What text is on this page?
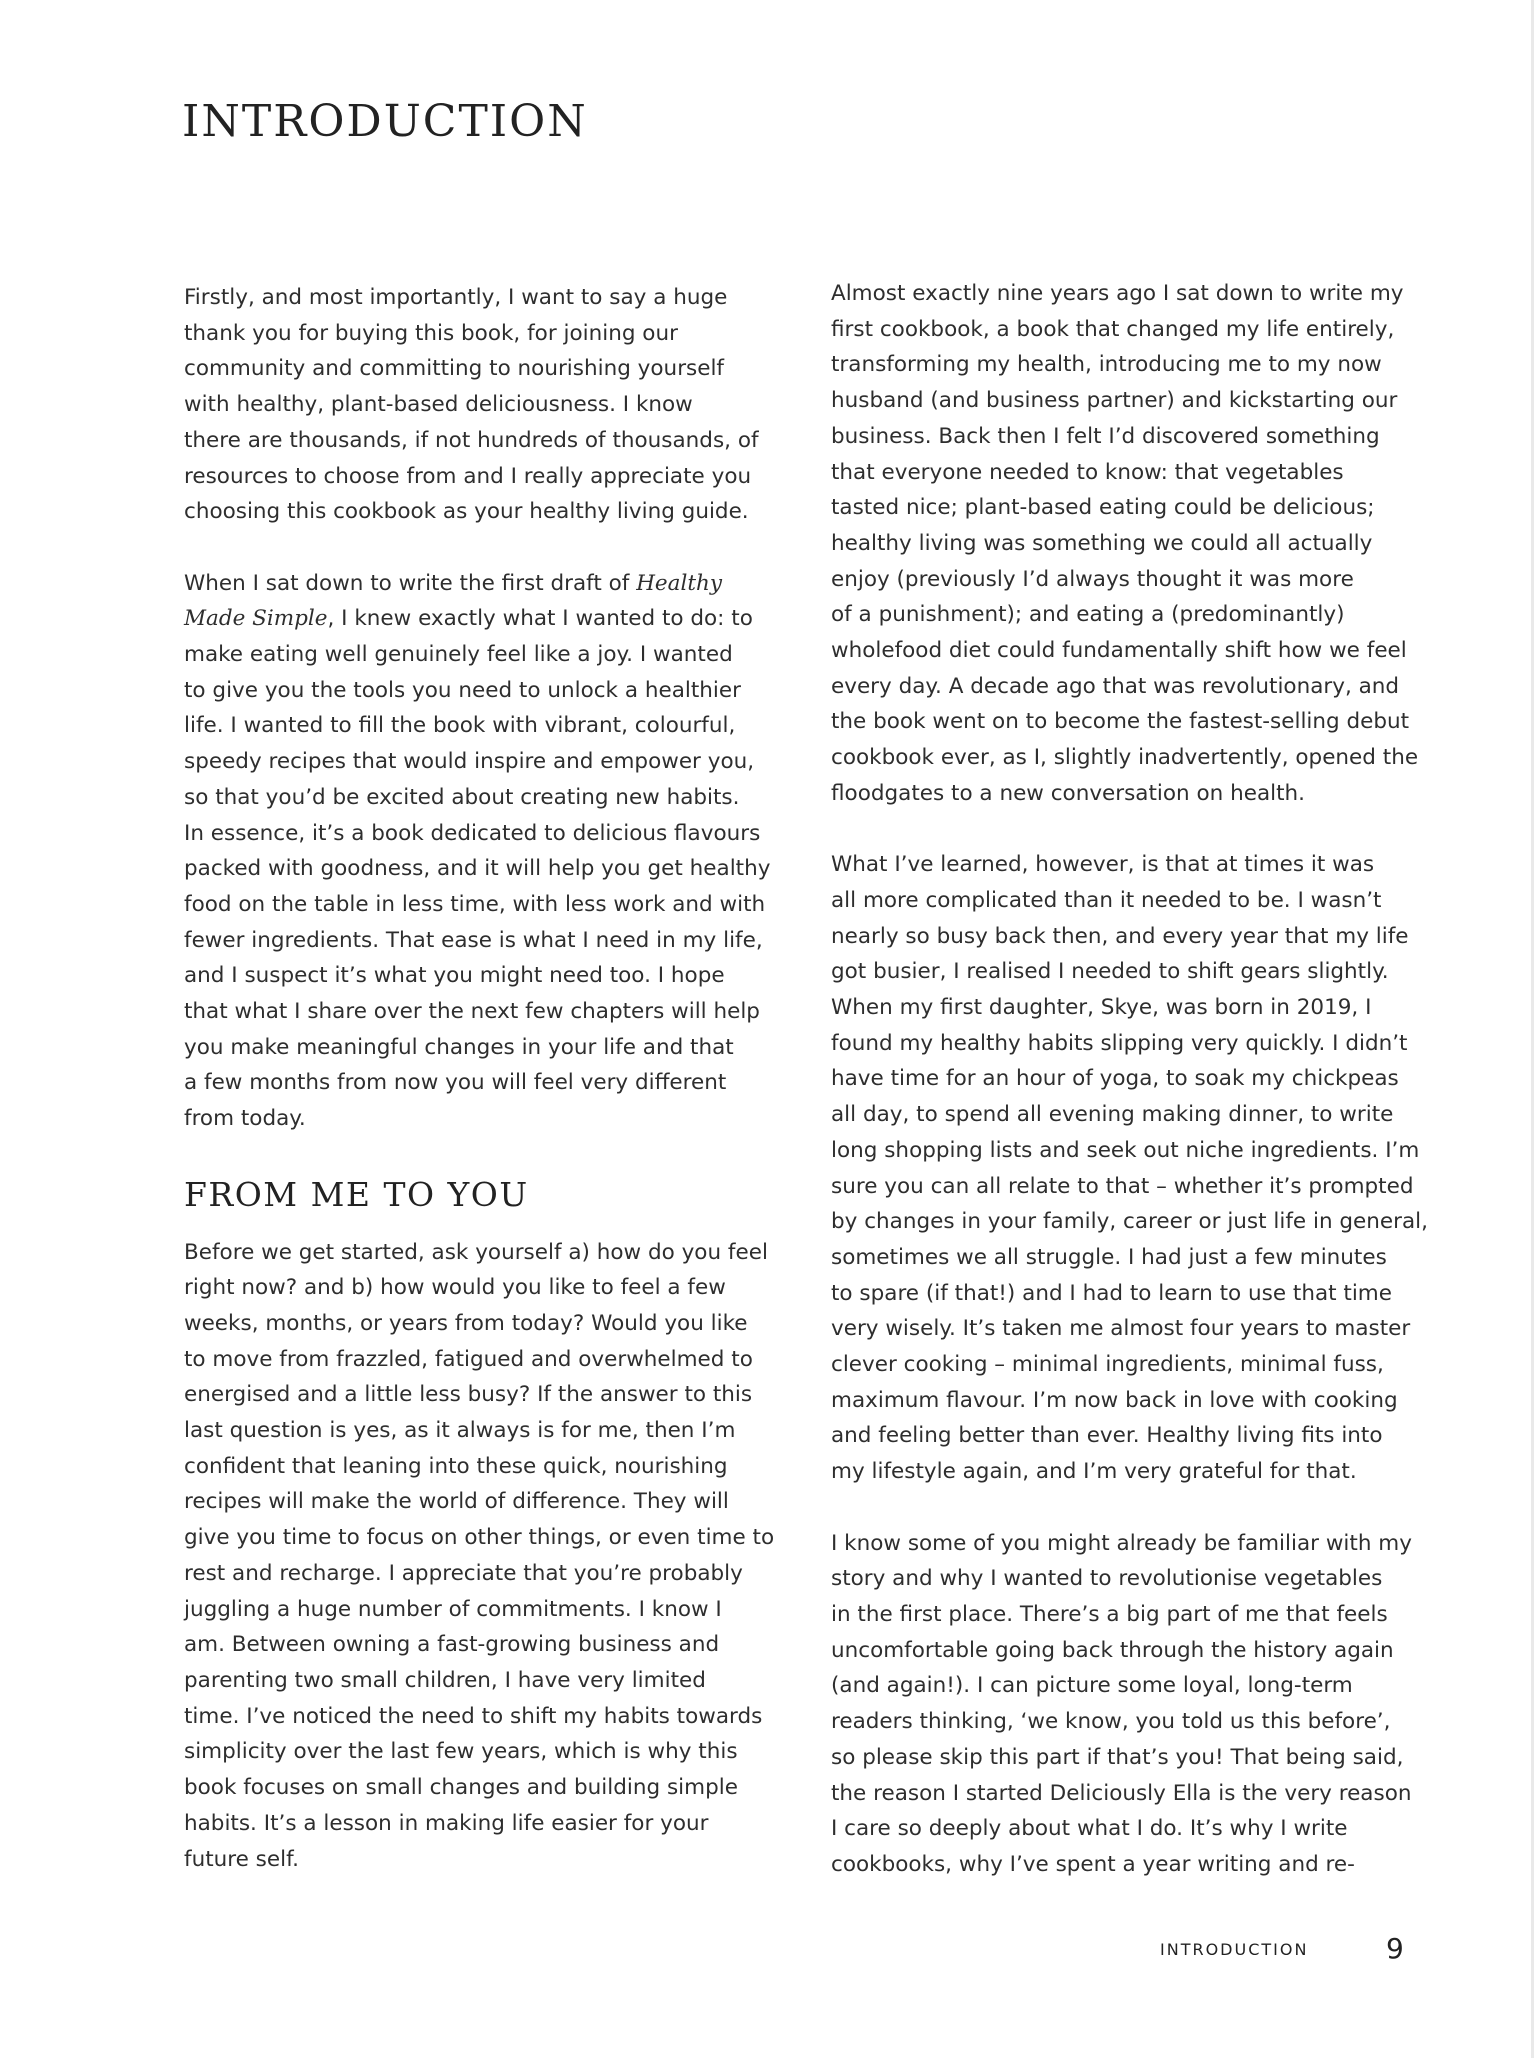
INTRODUCTION

Firstly, and most importantly, I want to say a huge
thank you for buying this book, for joining our
community and committing to nourishing yourself
with healthy, plant-based deliciousness. I know
there are thousands, if not hundreds of thousands, of
resources to choose from and I really appreciate you
choosing this cookbook as your healthy living guide.

When I sat down to write the first draft of Healthy
Made Simple, I knew exactly what I wanted to do: to
make eating well genuinely feel like a joy. I wanted
to give you the tools you need to unlock a healthier
life. I wanted to fill the book with vibrant, colourful,
speedy recipes that would inspire and empower you,
so that you’d be excited about creating new habits.
In essence, it’s a book dedicated to delicious flavours
packed with goodness, and it will help you get healthy
food on the table in less time, with less work and with
fewer ingredients. That ease is what I need in my life,
and I suspect it’s what you might need too. I hope
that what I share over the next few chapters will help
you make meaningful changes in your life and that
a few months from now you will feel very different
from today.

FROM ME TO YOU

Before we get started, ask yourself a) how do you feel
right now? and b) how would you like to feel a few
weeks, months, or years from today? Would you like
to move from frazzled, fatigued and overwhelmed to
energised and a little less busy? If the answer to this
last question is yes, as it always is for me, then I’m
confident that leaning into these quick, nourishing
recipes will make the world of difference. They will
give you time to focus on other things, or even time to
rest and recharge. I appreciate that you’re probably
juggling a huge number of commitments. I know I
am. Between owning a fast-growing business and
parenting two small children, I have very limited
time. I’ve noticed the need to shift my habits towards
simplicity over the last few years, which is why this
book focuses on small changes and building simple
habits. It’s a lesson in making life easier for your
future self.

Almost exactly nine years ago I sat down to write my
first cookbook, a book that changed my life entirely,
transforming my health, introducing me to my now
husband (and business partner) and kickstarting our
business. Back then I felt I’d discovered something
that everyone needed to know: that vegetables
tasted nice; plant-based eating could be delicious;
healthy living was something we could all actually
enjoy (previously I’d always thought it was more
of a punishment); and eating a (predominantly)
wholefood diet could fundamentally shift how we feel
every day. A decade ago that was revolutionary, and
the book went on to become the fastest-selling debut
cookbook ever, as I, slightly inadvertently, opened the
floodgates to a new conversation on health.

What I’ve learned, however, is that at times it was
all more complicated than it needed to be. I wasn’t
nearly so busy back then, and every year that my life
got busier, I realised I needed to shift gears slightly.
When my first daughter, Skye, was born in 2019, I
found my healthy habits slipping very quickly. I didn’t
have time for an hour of yoga, to soak my chickpeas
all day, to spend all evening making dinner, to write
long shopping lists and seek out niche ingredients. I’m
sure you can all relate to that – whether it’s prompted
by changes in your family, career or just life in general,
sometimes we all struggle. I had just a few minutes
to spare (if that!) and I had to learn to use that time
very wisely. It’s taken me almost four years to master
clever cooking – minimal ingredients, minimal fuss,
maximum flavour. I’m now back in love with cooking
and feeling better than ever. Healthy living fits into
my lifestyle again, and I’m very grateful for that.

I know some of you might already be familiar with my
story and why I wanted to revolutionise vegetables
in the first place. There’s a big part of me that feels
uncomfortable going back through the history again
(and again!). I can picture some loyal, long-term
readers thinking, ‘we know, you told us this before’,
so please skip this part if that’s you! That being said,
the reason I started Deliciously Ella is the very reason
I care so deeply about what I do. It’s why I write
cookbooks, why I’ve spent a year writing and re-

INTRODUCTION	9
